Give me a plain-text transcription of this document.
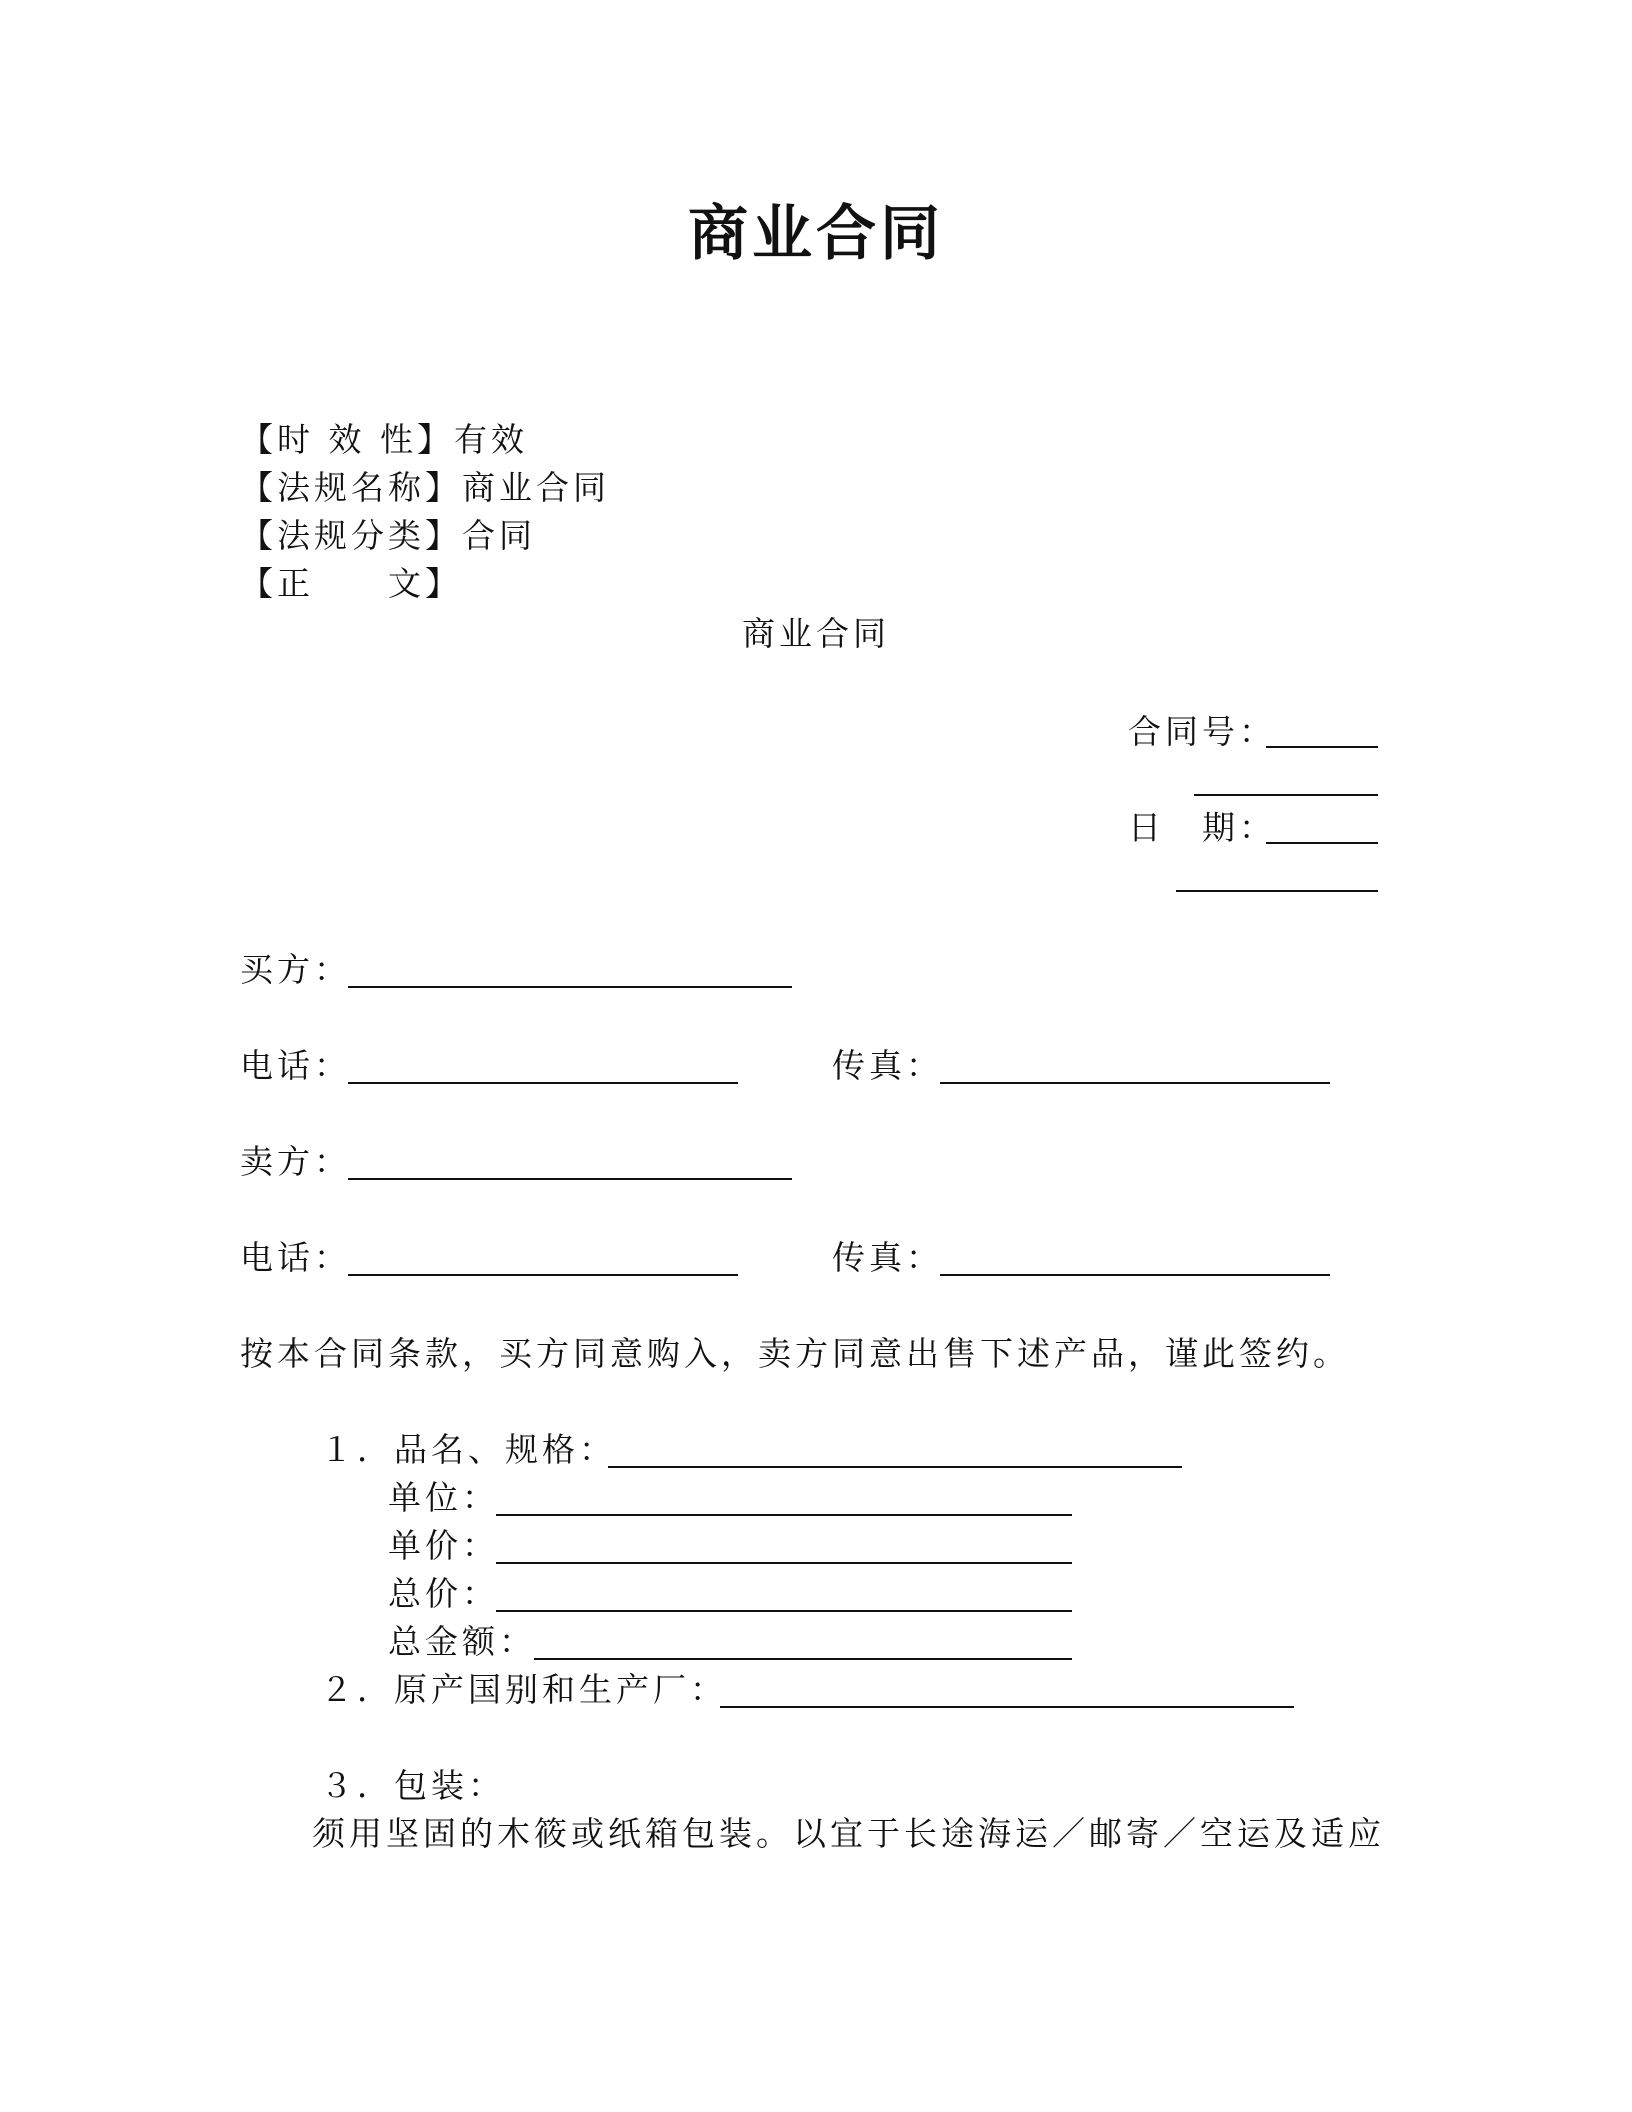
商业合同
【时 效 性】有效
【法规名称】商业合同
【法规分类】合同
【正　　文】
商业合同
合同号：
日　期：
买方：
电话：	传真：
卖方：
电话：	传真：
按本合同条款，买方同意购入，卖方同意出售下述产品，谨此签约。
１．品名、规格：
单位：
单价：
总价：
总金额：
２．原产国别和生产厂：
３．包装：
须用坚固的木筱或纸箱包装。以宜于长途海运／邮寄／空运及适应
